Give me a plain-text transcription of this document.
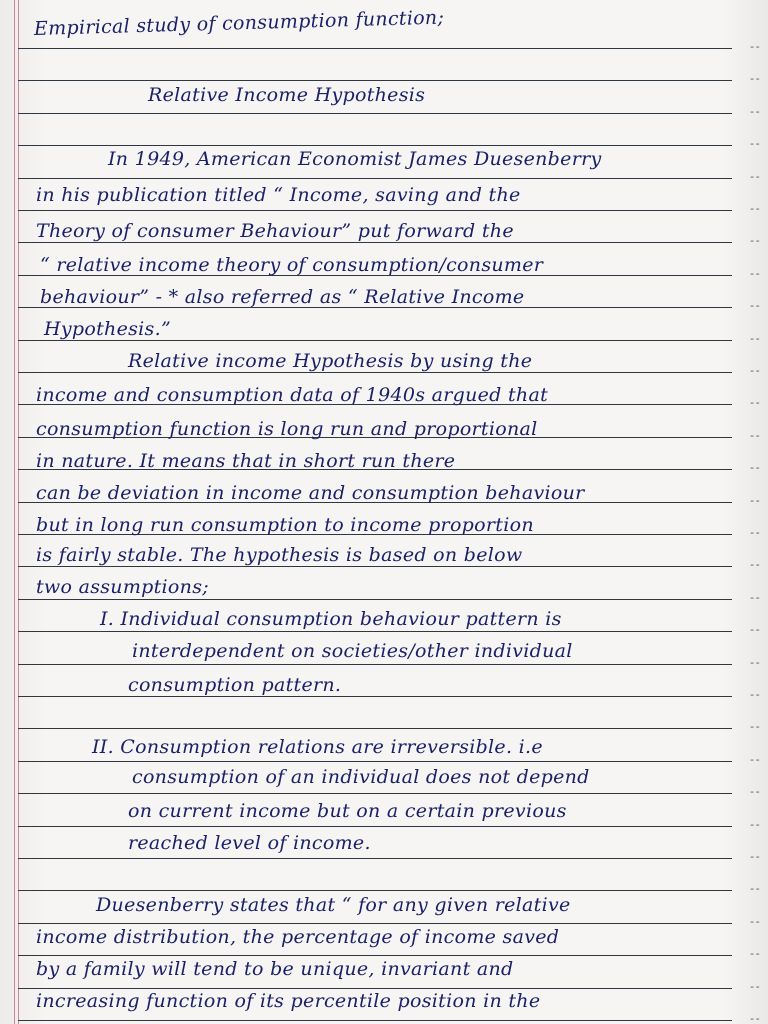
--
--
--
--
--
--
--
--
--
--
--
--
--
--
--
--
--
--
--
--
--
--
--
--
--
--
--
--
--
--
--
Empirical study of consumption function;
Relative Income Hypothesis
In 1949, American Economist James Duesenberry
in his publication titled “ Income, saving and the
Theory of consumer Behaviour” put forward the
“ relative income theory of consumption/consumer
behaviour” - * also referred as “ Relative Income
Hypothesis.”
Relative income Hypothesis by using the
income and consumption data of 1940s argued that
consumption function is long run and proportional
in nature. It means that in short run there
can be deviation in income and consumption behaviour
but in long run consumption to income proportion
is fairly stable. The hypothesis is based on below
two assumptions;
I. Individual consumption behaviour pattern is
interdependent on societies/other individual
consumption pattern.
II. Consumption relations are irreversible. i.e
consumption of an individual does not depend
on current income but on a certain previous
reached level of income.
Duesenberry states that “ for any given relative
income distribution, the percentage of income saved
by a family will tend to be unique, invariant and
increasing function of its percentile position in the
